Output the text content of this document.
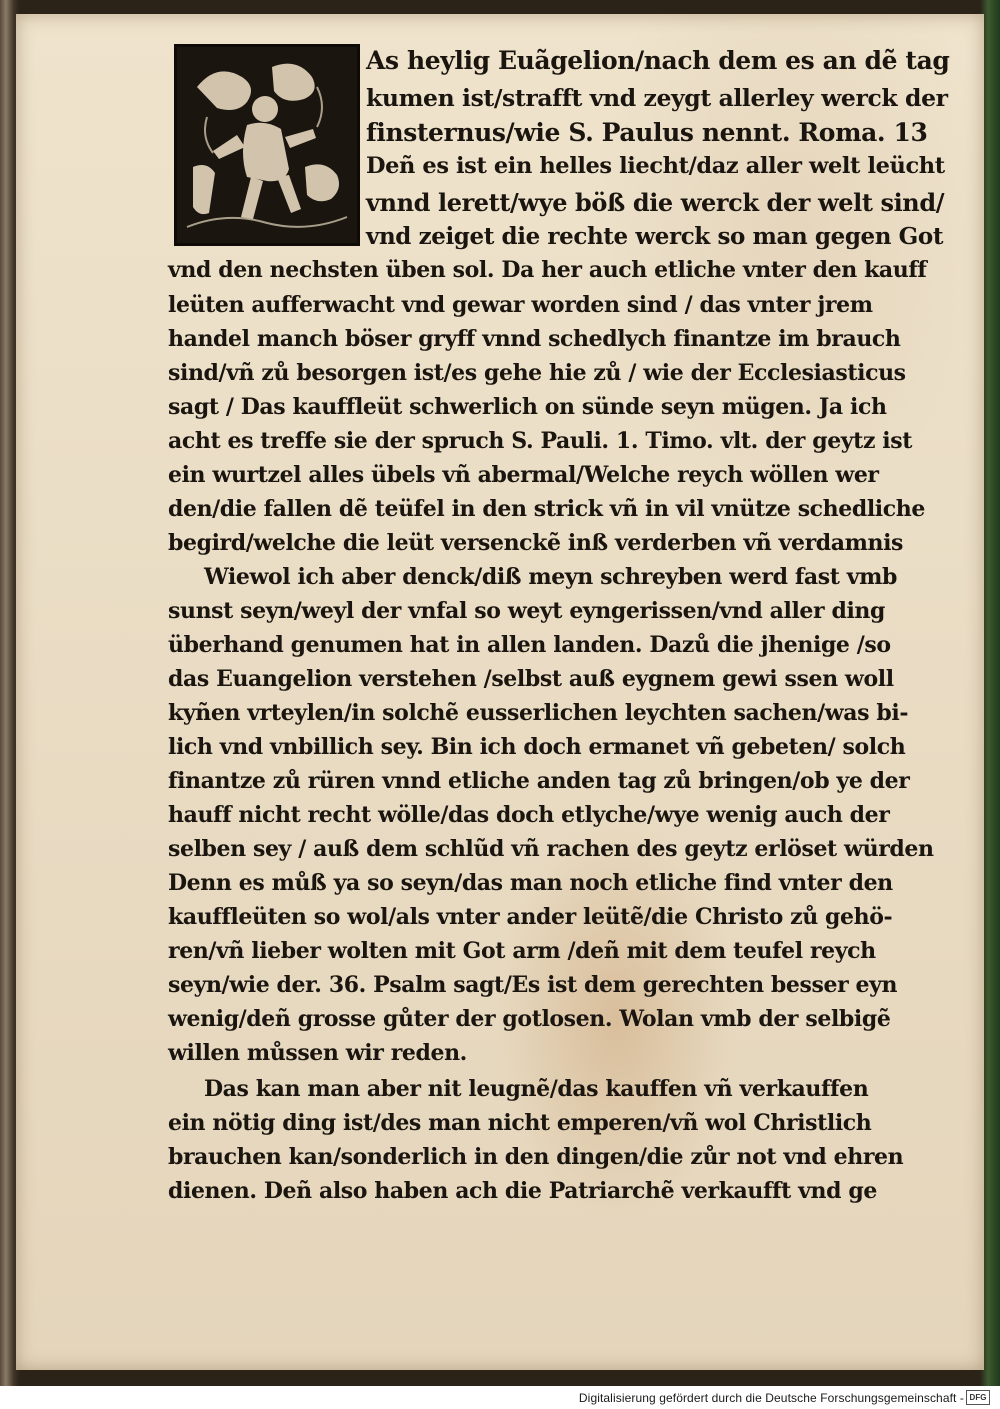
As heylig Euãgelion/nach dem es an dẽ tag

kumen ist/strafft vnd zeygt allerley werck der

finsternus/wie S. Paulus nennt. Roma. 13

Deñ es ist ein helles liecht/daz aller welt leücht

vnnd lerett/wye böß die werck der welt sind/

vnd zeiget die rechte werck so man gegen Got

vnd den nechsten üben sol. Da her auch etliche vnter den kauff

leüten aufferwacht vnd gewar worden sind / das vnter jrem

handel manch böser gryff vnnd schedlych finantze im brauch

sind/vñ zů besorgen ist/es gehe hie zů / wie der Ecclesiasticus

sagt / Das kauffleüt schwerlich on sünde seyn mügen. Ja ich

acht es treffe sie der spruch S. Pauli. 1. Timo. vlt. der geytz ist

ein wurtzel alles übels vñ abermal/Welche reych wöllen wer

den/die fallen dẽ teüfel in den strick vñ in vil vnütze schedliche

begird/welche die leüt versenckẽ inß verderben vñ verdamnis

Wiewol ich aber denck/diß meyn schreyben werd fast vmb

sunst seyn/weyl der vnfal so weyt eyngerissen/vnd aller ding

überhand genumen hat in allen landen. Dazů die jhenige /so

das Euangelion verstehen /selbst auß eygnem gewi ssen woll

kyñen vrteylen/in solchẽ eusserlichen leychten sachen/was bi-

lich vnd vnbillich sey. Bin ich doch ermanet vñ gebeten/ solch

finantze zů rüren vnnd etliche anden tag zů bringen/ob ye der

hauff nicht recht wölle/das doch etlyche/wye wenig auch der

selben sey / auß dem schlũd vñ rachen des geytz erlöset würden

Denn es můß ya so seyn/das man noch etliche find vnter den

kauffleüten so wol/als vnter ander leütẽ/die Christo zů gehö-

ren/vñ lieber wolten mit Got arm /deñ mit dem teufel reych

seyn/wie der. 36. Psalm sagt/Es ist dem gerechten besser eyn

wenig/deñ grosse gůter der gotlosen. Wolan vmb der selbigẽ

willen můssen wir reden.

Das kan man aber nit leugnẽ/das kauffen vñ verkauffen

ein nötig ding ist/des man nicht emperen/vñ wol Christlich

brauchen kan/sonderlich in den dingen/die zůr not vnd ehren

dienen. Deñ also haben ach die Patriarchẽ verkaufft vnd ge

Digitalisierung gefördert durch die Deutsche Forschungsgemeinschaft - DFG
